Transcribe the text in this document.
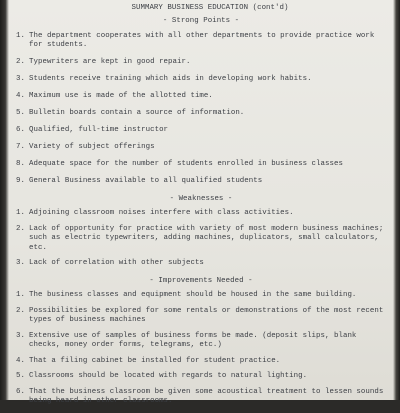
SUMMARY BUSINESS EDUCATION (cont'd)
- Strong Points -
1. The department cooperates with all other departments to provide practice work for students.
2. Typewriters are kept in good repair.
3. Students receive training which aids in developing work habits.
4. Maximum use is made of the allotted time.
5. Bulletin boards contain a source of information.
6. Qualified, full-time instructor
7. Variety of subject offerings
8. Adequate space for the number of students enrolled in business classes
9. General Business available to all qualified students
- Weaknesses -
1. Adjoining classroom noises interfere with class activities.
2. Lack of opportunity for practice with variety of most modern business machines; such as electric typewriters, adding machines, duplicators, small calculators, etc.
3. Lack of correlation with other subjects
- Improvements Needed -
1. The business classes and equipment should be housed in the same building.
2. Possibilities be explored for some rentals or demonstrations of the most recent types of business machines
3. Extensive use of samples of business forms be made. (deposit slips, blank checks, money order forms, telegrams, etc.)
4. That a filing cabinet be installed for student practice.
5. Classrooms should be located with regards to natural lighting.
6. That the business classroom be given some acoustical treatment to lessen sounds being heard in other classrooms.
